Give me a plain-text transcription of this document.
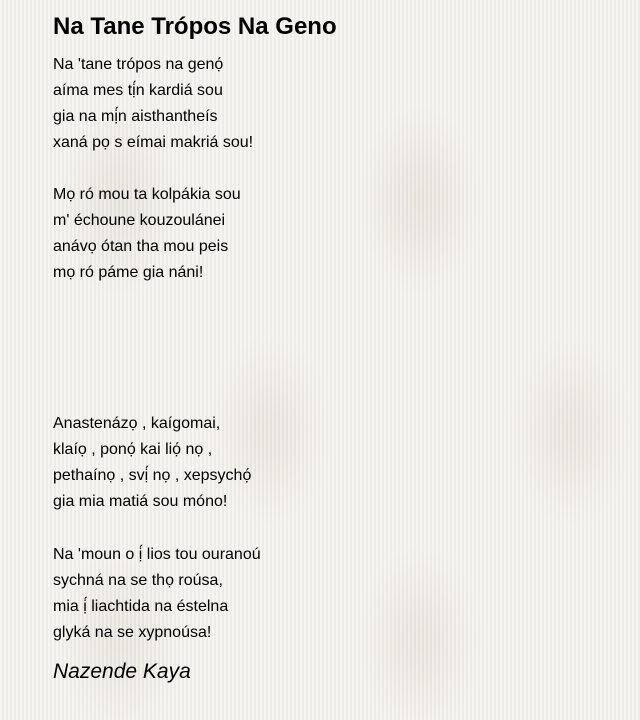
Na Tane Trópos Na Geno
Na 'tane trópos na genọ́
aíma mes tị́n kardiá sou
gia na mị́n aisthantheís
xaná pọ s eímai makriá sou!
Mọ ró mou ta kolpákia sou
m' échoune kouzoulánei
anávọ ótan tha mou peis
mọ ró páme gia náni!
Anastenázọ , kaígomai,
klaíọ , ponọ́ kai liọ́ nọ ,
pethaínọ , svị́ nọ , xepsychọ́
gia mia matiá sou móno!
Na 'moun o ị́ lios tou ouranoú
sychná na se thọ roúsa,
mia ị́ liachtida na éstelna
glyká na se xypnoúsa!

Nazende Kaya
